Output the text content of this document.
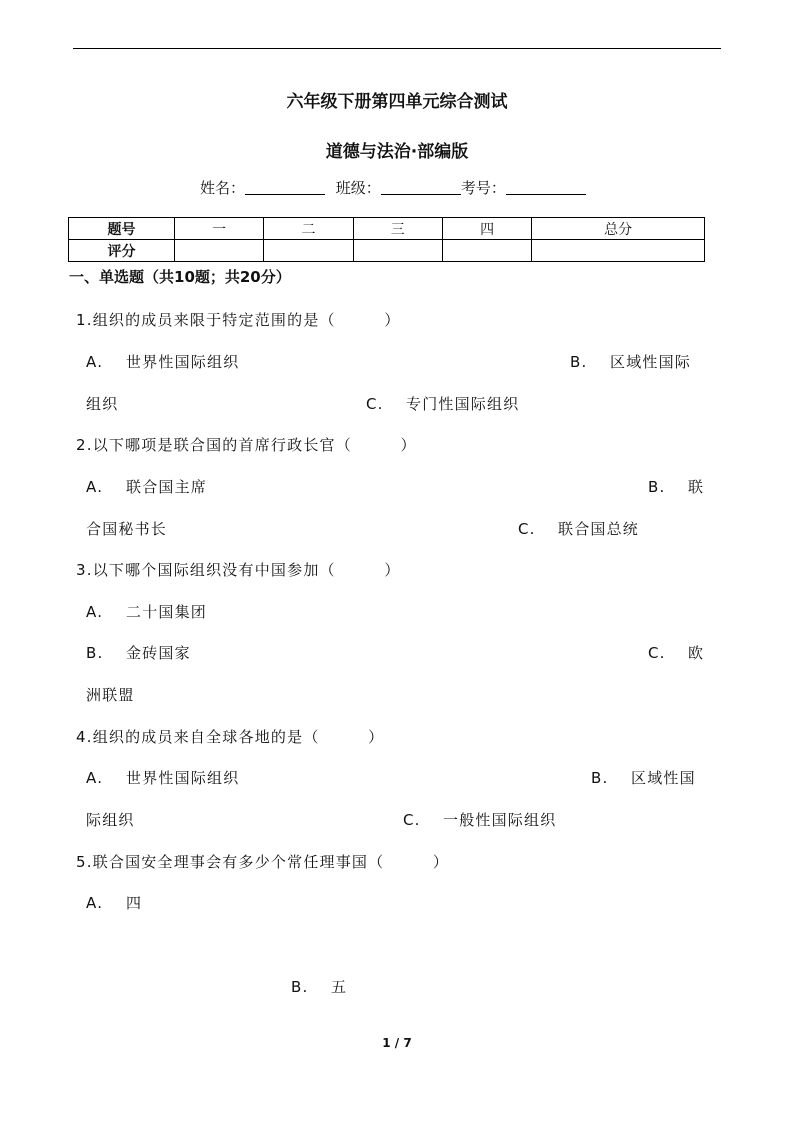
六年级下册第四单元综合测试
道德与法治·部编版
姓名：	班级：	考号：
题号	一	二	三	四	总分
评分					
一、单选题（共10题；共20分）
1.组织的成员来限于特定范围的是（　　　）
A. 世界性国际组织	B. 区域性国际
组织	C. 专门性国际组织
2.以下哪项是联合国的首席行政长官（　　　）
A. 联合国主席	B. 联
合国秘书长	C. 联合国总统
3.以下哪个国际组织没有中国参加（　　　）
A. 二十国集团
B. 金砖国家	C. 欧
洲联盟
4.组织的成员来自全球各地的是（　　　）
A. 世界性国际组织	B. 区域性国
际组织	C. 一般性国际组织
5.联合国安全理事会有多少个常任理事国（　　　）
A. 四
B. 五
1 / 7
